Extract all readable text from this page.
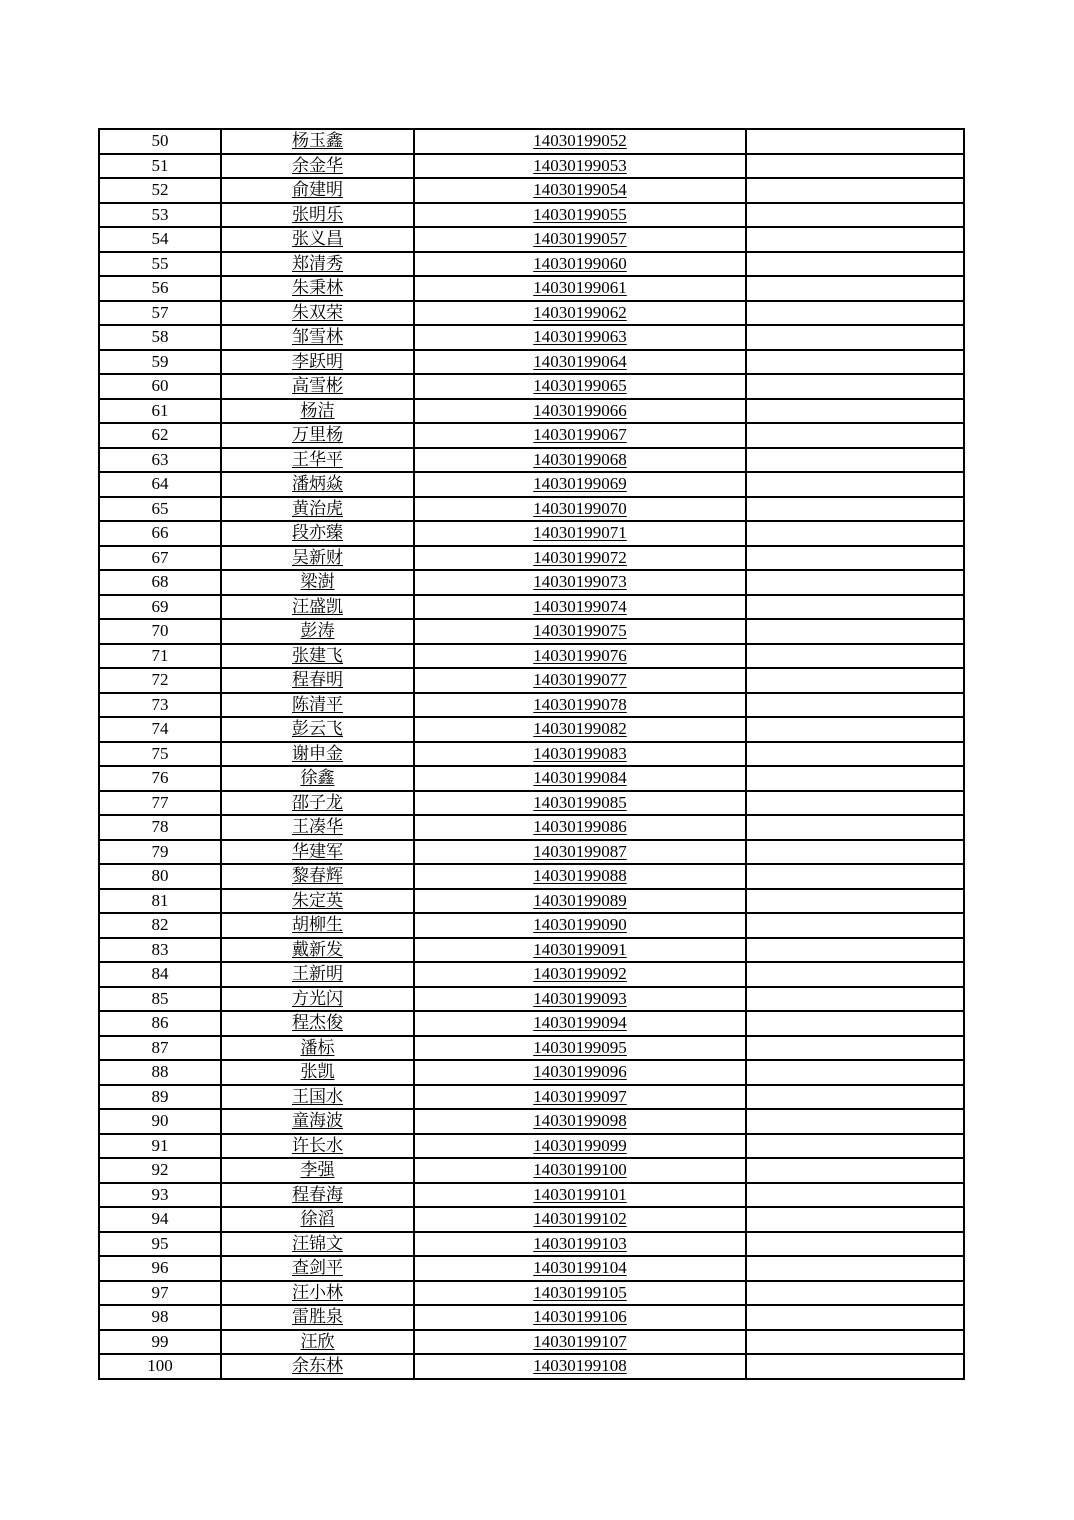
50	杨玉鑫	14030199052	
51	余金华	14030199053	
52	俞建明	14030199054	
53	张明乐	14030199055	
54	张义昌	14030199057	
55	郑清秀	14030199060	
56	朱秉林	14030199061	
57	朱双荣	14030199062	
58	邹雪林	14030199063	
59	李跃明	14030199064	
60	高雪彬	14030199065	
61	杨洁	14030199066	
62	万里杨	14030199067	
63	王华平	14030199068	
64	潘炳焱	14030199069	
65	黄治虎	14030199070	
66	段亦臻	14030199071	
67	吴新财	14030199072	
68	梁澍	14030199073	
69	汪盛凯	14030199074	
70	彭涛	14030199075	
71	张建飞	14030199076	
72	程春明	14030199077	
73	陈清平	14030199078	
74	彭云飞	14030199082	
75	谢申金	14030199083	
76	徐鑫	14030199084	
77	邵子龙	14030199085	
78	王凑华	14030199086	
79	华建军	14030199087	
80	黎春辉	14030199088	
81	朱定英	14030199089	
82	胡柳生	14030199090	
83	戴新发	14030199091	
84	王新明	14030199092	
85	方光闪	14030199093	
86	程杰俊	14030199094	
87	潘标	14030199095	
88	张凯	14030199096	
89	王国水	14030199097	
90	童海波	14030199098	
91	许长水	14030199099	
92	李强	14030199100	
93	程春海	14030199101	
94	徐滔	14030199102	
95	汪锦文	14030199103	
96	查剑平	14030199104	
97	汪小林	14030199105	
98	雷胜泉	14030199106	
99	汪欣	14030199107	
100	余东林	14030199108	
